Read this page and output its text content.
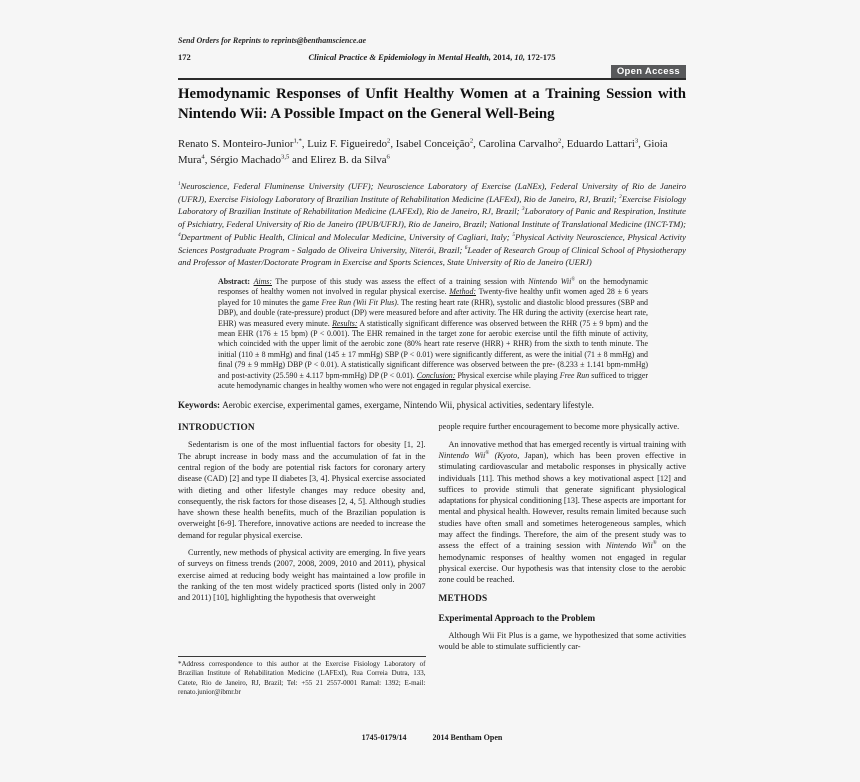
Send Orders for Reprints to reprints@benthamscience.ae
172	Clinical Practice & Epidemiology in Mental Health, 2014, 10, 172-175
Open Access
Hemodynamic Responses of Unfit Healthy Women at a Training Session with Nintendo Wii: A Possible Impact on the General Well-Being
Renato S. Monteiro-Junior$^{1,*}$, Luiz F. Figueiredo$^2$, Isabel Conceição$^2$, Carolina Carvalho$^2$, Eduardo Lattari$^3$, Gioia Mura$^4$, Sérgio Machado$^{3,5}$ and Elirez B. da Silva$^6$
$^1$Neuroscience, Federal Fluminense University (UFF); Neuroscience Laboratory of Exercise (LaNEx), Federal University of Rio de Janeiro (UFRJ), Exercise Fisiology Laboratory of Brazilian Institute of Rehabilitation Medicine (LAFExI), Rio de Janeiro, RJ, Brazil; $^2$Exercise Fisiology Laboratory of Brazilian Institute of Rehabilitation Medicine (LAFExI), Rio de Janeiro, RJ, Brazil; $^3$Laboratory of Panic and Respiration, Institute of Psichiatry, Federal University of Rio de Janeiro (IPUB/UFRJ), Rio de Janeiro, Brazil; National Institute of Translational Medicine (INCT-TM); $^4$Department of Public Health, Clinical and Molecular Medicine, University of Cagliari, Italy; $^5$Physical Activity Neuroscience, Physical Activity Sciences Postgraduate Program - Salgado de Oliveira University, Niterói, Brazil; $^6$Leader of Research Group of Clinical School of Physiotherapy and Professor of Master/Doctorate Program in Exercise and Sports Sciences, State University of Rio de Janeiro (UERJ)
Abstract: Aims: The purpose of this study was assess the effect of a training session with Nintendo Wii® on the hemodynamic responses of healthy women not involved in regular physical exercise. Method: Twenty-five healthy unfit women aged 28 ± 6 years played for 10 minutes the game Free Run (Wii Fit Plus). The resting heart rate (RHR), systolic and diastolic blood pressures (SBP and DBP), and double (rate-pressure) product (DP) were measured before and after activity. The HR during the activity (exercise heart rate, EHR) was measured every minute. Results: A statistically significant difference was observed between the RHR (75 ± 9 bpm) and the mean EHR (176 ± 15 bpm) (P < 0.001). The EHR remained in the target zone for aerobic exercise until the fifth minute of activity, which coincided with the upper limit of the aerobic zone (80% heart rate reserve (HRR) + RHR) from the sixth to tenth minute. The initial (110 ± 8 mmHg) and final (145 ± 17 mmHg) SBP (P < 0.01) were significantly different, as were the initial (71 ± 8 mmHg) and final (79 ± 9 mmHg) DBP (P < 0.01). A statistically significant difference was observed between the pre- (8.233 ± 1.141 bpm-mmHg) and post-activity (25.590 ± 4.117 bpm-mmHg) DP (P < 0.01). Conclusion: Physical exercise while playing Free Run sufficed to trigger acute hemodynamic changes in healthy women who were not engaged in regular physical exercise.
Keywords: Aerobic exercise, experimental games, exergame, Nintendo Wii, physical activities, sedentary lifestyle.
INTRODUCTION

Sedentarism is one of the most influential factors for obesity [1, 2]. The abrupt increase in body mass and the accumulation of fat in the central region of the body are potential risk factors for coronary artery disease (CAD) [2] and type II diabetes [3, 4]. Physical exercise associated with dieting and other lifestyle changes may reduce obesity and, consequently, the risk factors for those diseases [2, 4, 5]. Although studies have shown these health benefits, much of the Brazilian population is overweight [6-9]. Therefore, innovative actions are needed to increase the demand for regular physical exercise.

Currently, new methods of physical activity are emerging. In five years of surveys on fitness trends (2007, 2008, 2009, 2010 and 2011), physical exercise aimed at reducing body weight has maintained a low profile in the ranking of the ten most widely practiced sports (listed only in 2007 and 2011) [10], highlighting the hypothesis that overweight

*Address correspondence to this author at the Exercise Fisiology Laboratory of Brazilian Institute of Rehabilitation Medicine (LAFExI), Rua Correia Dutra, 133, Catete, Rio de Janeiro, RJ, Brazil; Tel: +55 21 2557-0001 Ramal: 1392; E-mail: renato.junior@ibmr.br

people require further encouragement to become more physically active.

An innovative method that has emerged recently is virtual training with Nintendo Wii® (Kyoto, Japan), which has been proven effective in stimulating cardiovascular and metabolic responses in physically active individuals [11]. This method shows a key motivational aspect [12] and suffices to provide stimuli that generate significant physiological adaptations for physical conditioning [13]. These aspects are important for mental and physical health. However, results remain limited because such studies have often small and sometimes heterogeneous samples, which may affect the findings. Therefore, the aim of the present study was to assess the effect of a training session with Nintendo Wii® on the hemodynamic responses of healthy women not engaged in regular physical exercise. Our hypothesis was that intensity close to the aerobic zone could be reached.

METHODS
Experimental Approach to the Problem

Although Wii Fit Plus is a game, we hypothesized that some activities would be able to stimulate sufficiently car-

1745-0179/14	2014 Bentham Open
